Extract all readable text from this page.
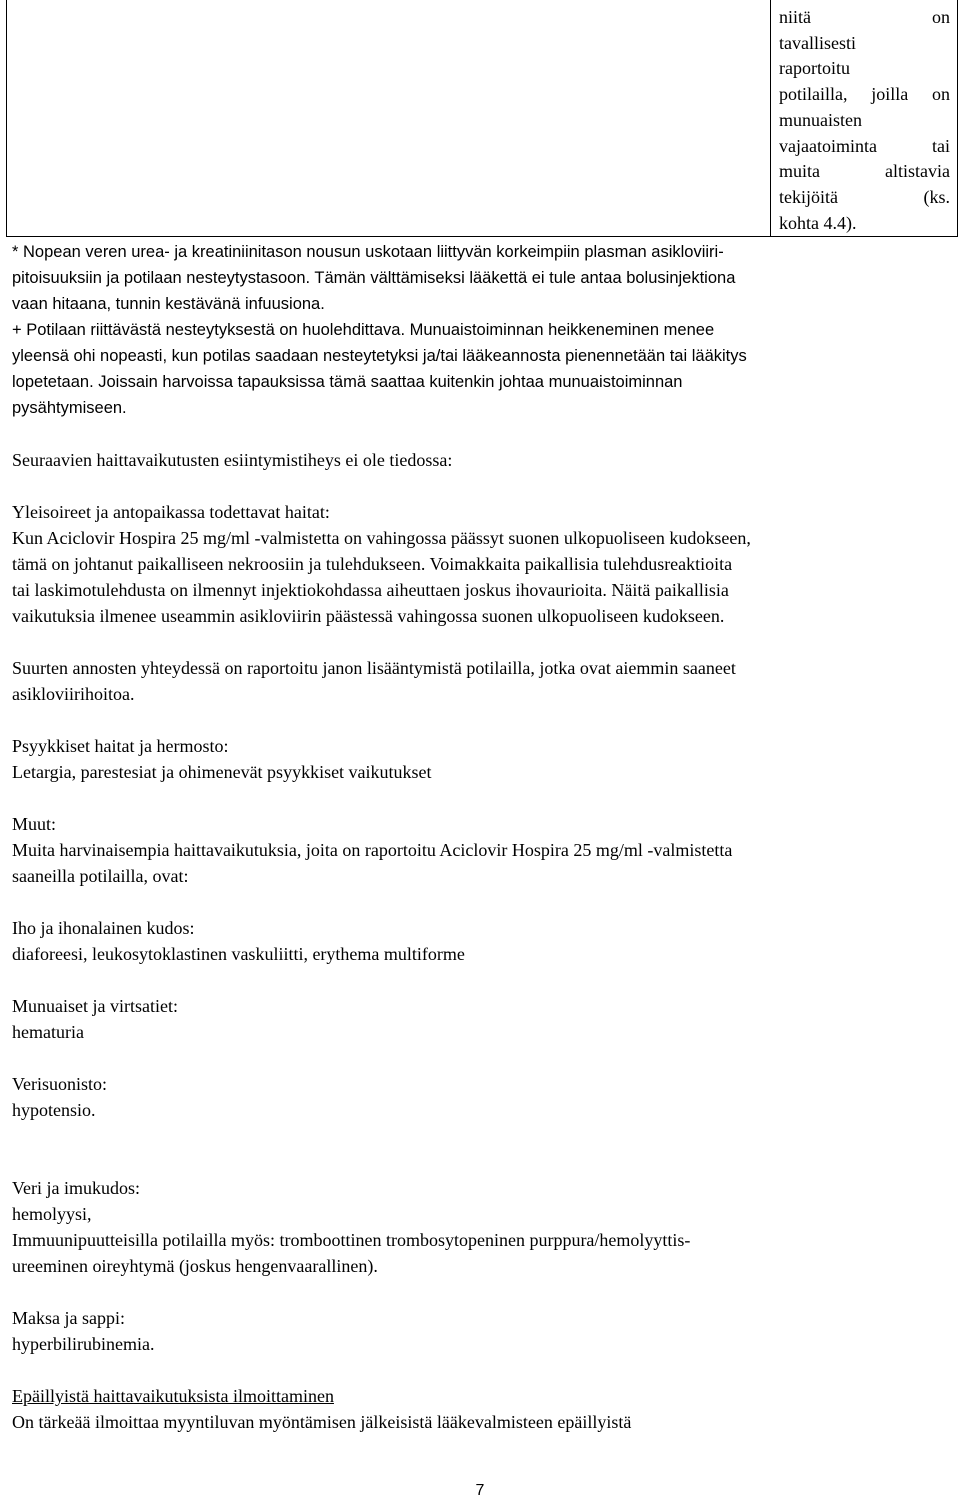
niitä on
tavallisesti
raportoitu
potilailla, joilla on
munuaisten
vajaatoiminta tai
muita altistavia
tekijöitä (ks.
kohta 4.4).
* Nopean veren urea- ja kreatiniinitason nousun uskotaan liittyvän korkeimpiin plasman asikloviiri-
pitoisuuksiin ja potilaan nesteytystasoon. Tämän välttämiseksi lääkettä ei tule antaa bolusinjektiona
vaan hitaana, tunnin kestävänä infuusiona.
+ Potilaan riittävästä nesteytyksestä on huolehdittava. Munuaistoiminnan heikkeneminen menee
yleensä ohi nopeasti, kun potilas saadaan nesteytetyksi ja/tai lääkeannosta pienennetään tai lääkitys
lopetetaan. Joissain harvoissa tapauksissa tämä saattaa kuitenkin johtaa munuaistoiminnan
pysähtymiseen.
Seuraavien haittavaikutusten esiintymistiheys ei ole tiedossa:
Yleisoireet ja antopaikassa todettavat haitat:
Kun Aciclovir Hospira 25 mg/ml -valmistetta on vahingossa päässyt suonen ulkopuoliseen kudokseen,
tämä on johtanut paikalliseen nekroosiin ja tulehdukseen. Voimakkaita paikallisia tulehdusreaktioita
tai laskimotulehdusta on ilmennyt injektiokohdassa aiheuttaen joskus ihovaurioita. Näitä paikallisia
vaikutuksia ilmenee useammin asikloviirin päästessä vahingossa suonen ulkopuoliseen kudokseen.
Suurten annosten yhteydessä on raportoitu janon lisääntymistä potilailla, jotka ovat aiemmin saaneet
asikloviirihoitoa.
Psyykkiset haitat ja hermosto:
Letargia, parestesiat ja ohimenevät psyykkiset vaikutukset
Muut:
Muita harvinaisempia haittavaikutuksia, joita on raportoitu Aciclovir Hospira 25 mg/ml -valmistetta
saaneilla potilailla, ovat:
Iho ja ihonalainen kudos:
diaforeesi, leukosytoklastinen vaskuliitti, erythema multiforme
Munuaiset ja virtsatiet:
hematuria
Verisuonisto:
hypotensio.
Veri ja imukudos:
hemolyysi,
Immuunipuutteisilla potilailla myös: tromboottinen trombosytopeninen purppura/hemolyyttis-
ureeminen oireyhtymä (joskus hengenvaarallinen).
Maksa ja sappi:
hyperbilirubinemia.
Epäillyistä haittavaikutuksista ilmoittaminen
On tärkeää ilmoittaa myyntiluvan myöntämisen jälkeisistä lääkevalmisteen epäillyistä
7
